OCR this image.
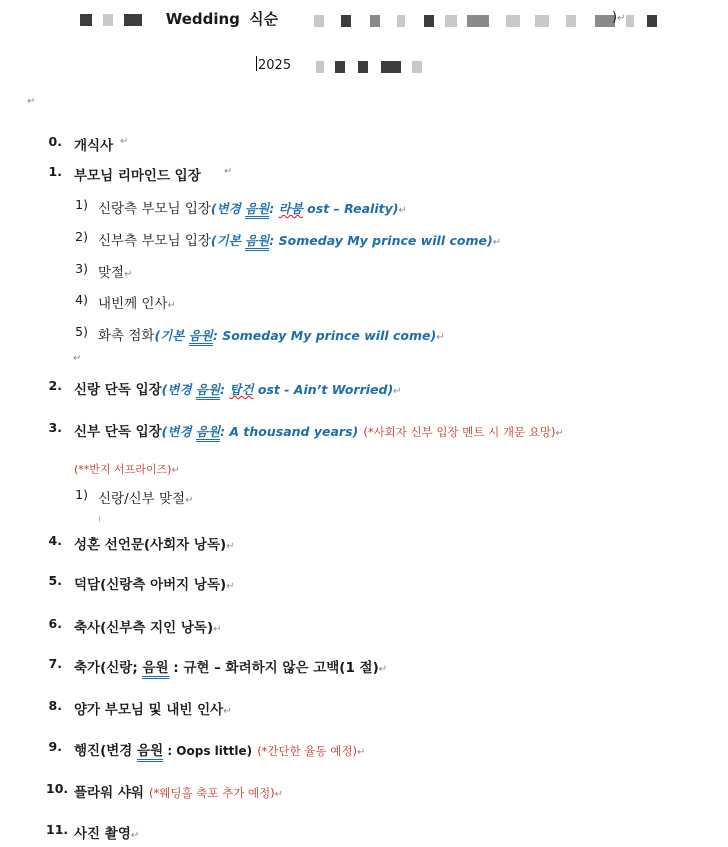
Wedding 식순
	)↵
2025

↵
0. 개식사 ↵
1. 부모님 리마인드 입장 ↵
1) 신랑측 부모님 입장(변경 음원: 라붐 ost – Reality)↵
2) 신부측 부모님 입장(기본 음원: Someday My prince will come)↵
3) 맞절↵
4) 내빈께 인사↵
5) 화촉 점화(기본 음원: Someday My prince will come)↵
↵
2. 신랑 단독 입장(변경 음원: 탑건 ost - Ain’t Worried)↵
3. 신부 단독 입장(변경 음원: A thousand years) (*사회자 신부 입장 멘트 시 개문 요망)↵
(**반지 서프라이즈)↵
1) 신랑/신부 맞절↵
4. 성혼 선언문(사회자 낭독)↵
5. 덕담(신랑측 아버지 낭독)↵
6. 축사(신부측 지인 낭독)↵
7. 축가(신랑; 음원 : 규현 – 화려하지 않은 고백(1 절)↵
8. 양가 부모님 및 내빈 인사↵
9. 행진(변경 음원 : Oops little) (*간단한 율동 예정)↵
10. 플라워 샤워 (*웨딩홀 축포 추가 예정)↵
11. 사진 촬영↵
